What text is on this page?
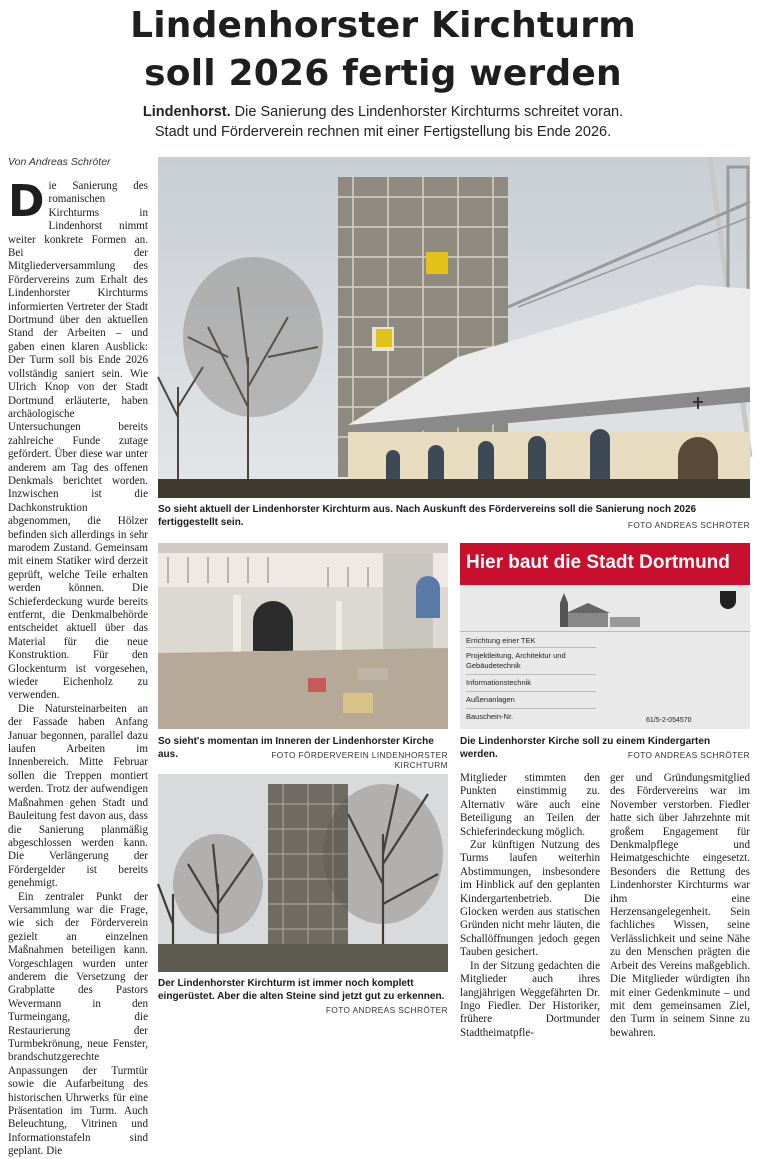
Lindenhorster Kirchturm
soll 2026 fertig werden
Lindenhorst. Die Sanierung des Lindenhorster Kirchturms schreitet voran.
Stadt und Förderverein rechnen mit einer Fertigstellung bis Ende 2026.
Von Andreas Schröter

Die Sanierung des romanischen Kirchturms in Lindenhorst nimmt weiter konkrete Formen an. Bei der Mitgliederversammlung des Fördervereins zum Erhalt des Lindenhorster Kirchturms informierten Vertreter der Stadt Dortmund über den aktuellen Stand der Arbeiten – und gaben einen klaren Ausblick: Der Turm soll bis Ende 2026 vollständig saniert sein. Wie Ulrich Knop von der Stadt Dortmund erläuterte, haben archäologische Untersuchungen bereits zahlreiche Funde zutage gefördert. Über diese war unter anderem am Tag des offenen Denkmals berichtet worden. Inzwischen ist die Dachkonstruktion abgenommen, die Hölzer befinden sich allerdings in sehr marodem Zustand. Gemeinsam mit einem Statiker wird derzeit geprüft, welche Teile erhalten werden können. Die Schieferdeckung wurde bereits entfernt, die Denkmalbehörde entscheidet aktuell über das Material für die neue Konstruktion. Für den Glockenturm ist vorgesehen, wieder Eichenholz zu verwenden.

Die Natursteinarbeiten an der Fassade haben Anfang Januar begonnen, parallel dazu laufen Arbeiten im Innenbereich. Mitte Februar sollen die Treppen montiert werden. Trotz der aufwendigen Maßnahmen gehen Stadt und Bauleitung fest davon aus, dass die Sanierung planmäßig abgeschlossen werden kann. Die Verlängerung der Fördergelder ist bereits genehmigt.

Ein zentraler Punkt der Versammlung war die Frage, wie sich der Förderverein gezielt an einzelnen Maßnahmen beteiligen kann. Vorgeschlagen wurden unter anderem die Versetzung der Grabplatte des Pastors Wevermann in den Turmeingang, die Restaurierung der Turmbekrönung, neue Fenster, brandschutzgerechte Anpassungen der Turmtür sowie die Aufarbeitung des historischen Uhrwerks für eine Präsentation im Turm. Auch Beleuchtung, Vitrinen und Informationstafeln sind geplant. Die

So sieht aktuell der Lindenhorster Kirchturm aus. Nach Auskunft des Fördervereins soll die Sanierung noch 2026 fertiggestellt sein.	FOTO ANDREAS SCHRÖTER
So sieht's momentan im Inneren der Lindenhorster Kirche aus.	FOTO FÖRDERVEREIN LINDENHORSTER KIRCHTURM
Hier baut die Stadt Dortmund
Errichtung einer TEK
Projektleitung, Architektur und Gebäudetechnik
Informationstechnik
Außenanlagen
Bauschein-Nr.	61/5-2-054570
Die Lindenhorster Kirche soll zu einem Kindergarten werden.	FOTO ANDREAS SCHRÖTER
Der Lindenhorster Kirchturm ist immer noch komplett eingerüstet. Aber die alten Steine sind jetzt gut zu erkennen.
FOTO ANDREAS SCHRÖTER

Mitglieder stimmten den Punkten einstimmig zu. Alternativ wäre auch eine Beteiligung an Teilen der Schieferindeckung möglich.

Zur künftigen Nutzung des Turms laufen weiterhin Abstimmungen, insbesondere im Hinblick auf den geplanten Kindergartenbetrieb. Die Glocken werden aus statischen Gründen nicht mehr läuten, die Schallöffnungen jedoch gegen Tauben gesichert.

In der Sitzung gedachten die Mitglieder auch ihres langjährigen Weggefährten Dr. Ingo Fiedler. Der Historiker, frühere Dortmunder Stadtheimatpfle-

ger und Gründungsmitglied des Fördervereins war im November verstorben. Fiedler hatte sich über Jahrzehnte mit großem Engagement für Denkmalpflege und Heimatgeschichte eingesetzt. Besonders die Rettung des Lindenhorster Kirchturms war ihm eine Herzensangelegenheit. Sein fachliches Wissen, seine Verlässlichkeit und seine Nähe zu den Menschen prägten die Arbeit des Vereins maßgeblich. Die Mitglieder würdigten ihn mit einer Gedenkminute – und mit dem gemeinsamen Ziel, den Turm in seinem Sinne zu bewahren.
